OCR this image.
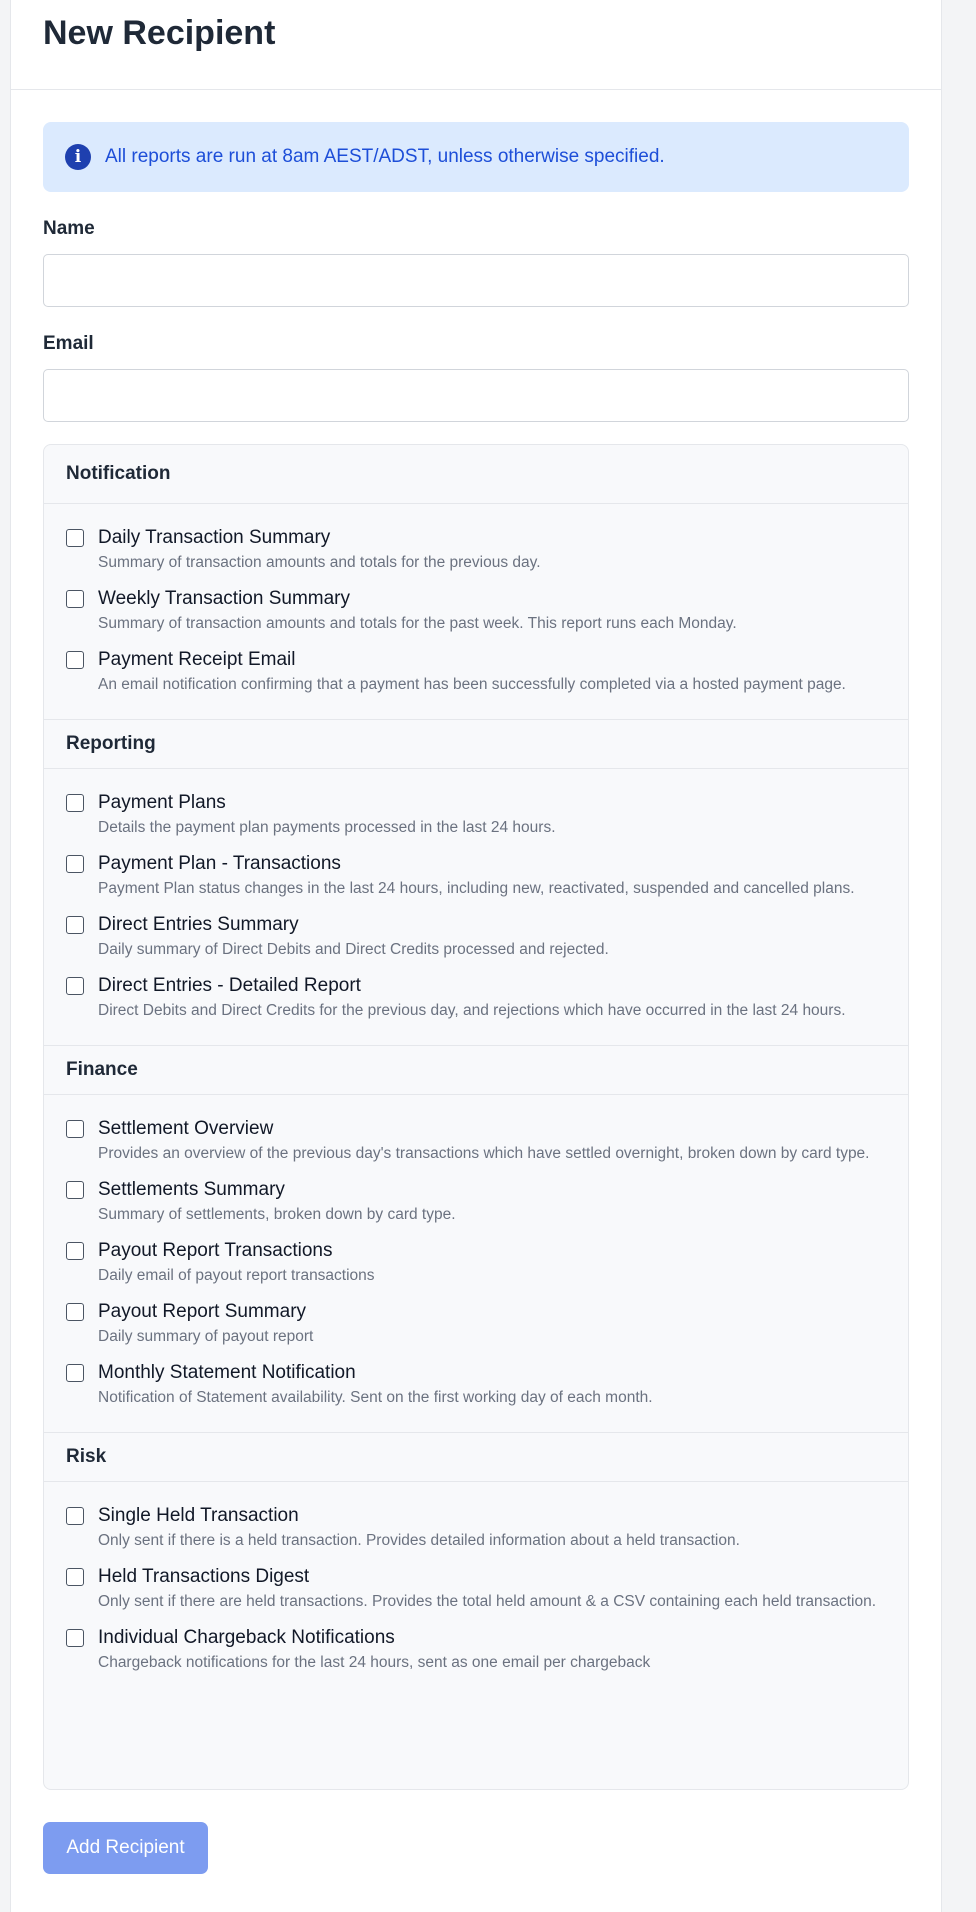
New Recipient
i	All reports are run at 8am AEST/ADST, unless otherwise specified.
Name
Email
Notification
Daily Transaction Summary
Summary of transaction amounts and totals for the previous day.
Weekly Transaction Summary
Summary of transaction amounts and totals for the past week. This report runs each Monday.
Payment Receipt Email
An email notification confirming that a payment has been successfully completed via a hosted payment page.
Reporting
Payment Plans
Details the payment plan payments processed in the last 24 hours.
Payment Plan - Transactions
Payment Plan status changes in the last 24 hours, including new, reactivated, suspended and cancelled plans.
Direct Entries Summary
Daily summary of Direct Debits and Direct Credits processed and rejected.
Direct Entries - Detailed Report
Direct Debits and Direct Credits for the previous day, and rejections which have occurred in the last 24 hours.
Finance
Settlement Overview
Provides an overview of the previous day's transactions which have settled overnight, broken down by card type.
Settlements Summary
Summary of settlements, broken down by card type.
Payout Report Transactions
Daily email of payout report transactions
Payout Report Summary
Daily summary of payout report
Monthly Statement Notification
Notification of Statement availability. Sent on the first working day of each month.
Risk
Single Held Transaction
Only sent if there is a held transaction. Provides detailed information about a held transaction.
Held Transactions Digest
Only sent if there are held transactions. Provides the total held amount & a CSV containing each held transaction.
Individual Chargeback Notifications
Chargeback notifications for the last 24 hours, sent as one email per chargeback
Add Recipient
